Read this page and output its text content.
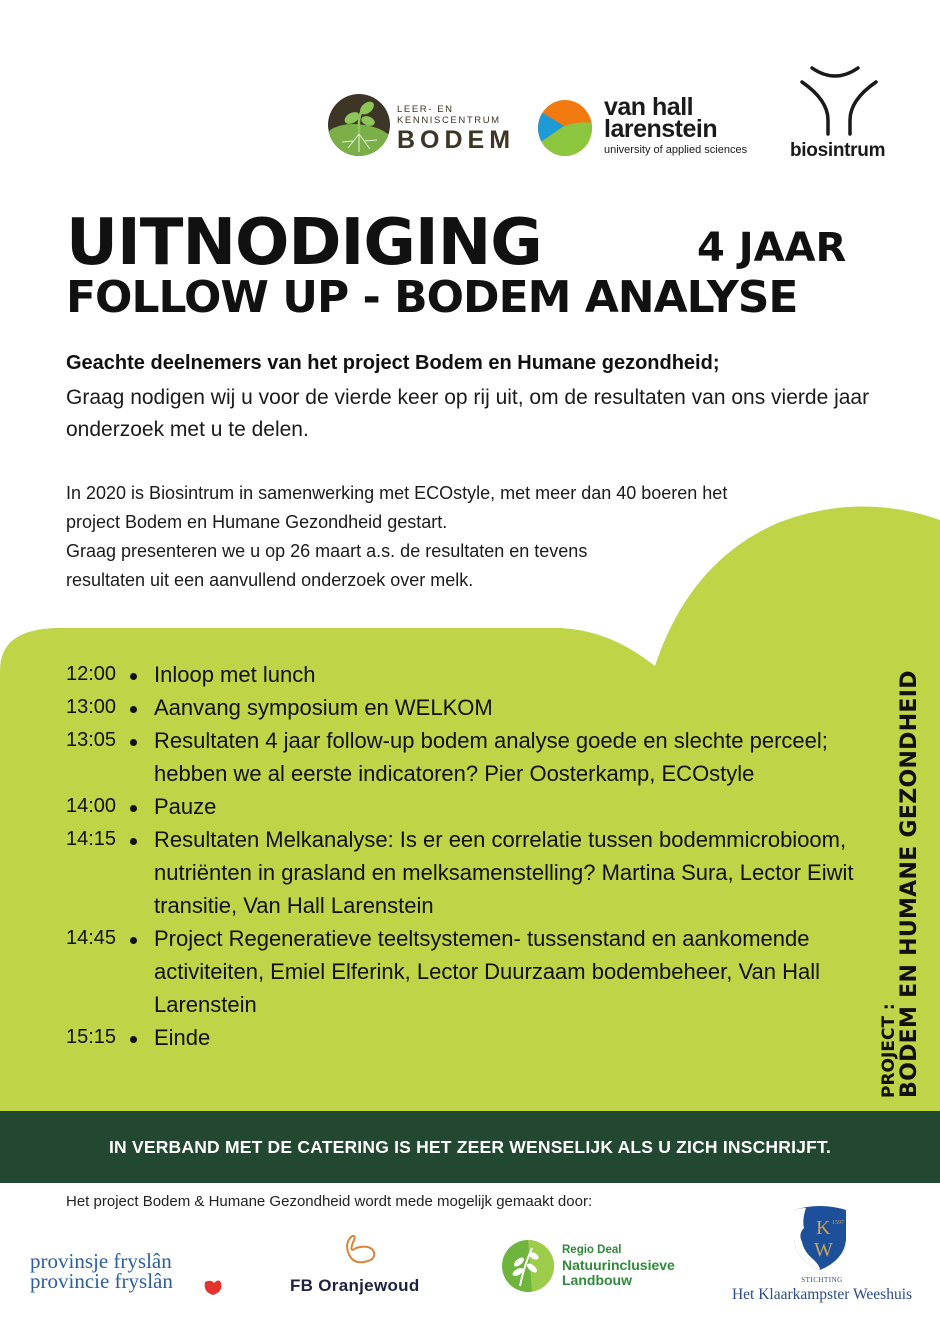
LEER- EN
KENNISCENTRUM
BODEM
van hall
larenstein
university of applied sciences biosintrum
UITNODIGING	4 JAAR
FOLLOW UP - BODEM ANALYSE
Geachte deelnemers van het project Bodem en Humane gezondheid;
Graag nodigen wij u voor de vierde keer op rij uit, om de resultaten van ons vierde jaar onderzoek met u te delen.
In 2020 is Biosintrum in samenwerking met ECOstyle, met meer dan 40 boeren het
project Bodem en Humane Gezondheid gestart.
Graag presenteren we u op 26 maart a.s. de resultaten en tevens
resultaten uit een aanvullend onderzoek over melk.
12:00	Inloop met lunch
13:00	Aanvang symposium en WELKOM
13:05	Resultaten 4 jaar follow-up bodem analyse goede en slechte perceel; hebben we al eerste indicatoren? Pier Oosterkamp, ECOstyle
14:00	Pauze
14:15	Resultaten Melkanalyse: Is er een correlatie tussen bodemmicrobioom, nutriënten in grasland en melksamenstelling? Martina Sura, Lector Eiwit transitie, Van Hall Larenstein
14:45	Project Regeneratieve teeltsystemen- tussenstand en aankomende activiteiten, Emiel Elferink, Lector Duurzaam bodembeheer, Van Hall Larenstein
15:15	Einde	PROJECT :
BODEM EN HUMANE GEZONDHEID
IN VERBAND MET DE CATERING IS HET ZEER WENSELIJK ALS U ZICH INSCHRIJFT.
Het project Bodem & Humane Gezondheid wordt mede mogelijk gemaakt door:
provinsje fryslân
provincie fryslân	FB Oranjewoud
Regio Deal
Natuurinclusieve
Landbouw
K
W
1597
STICHTING
Het Klaarkampster Weeshuis
